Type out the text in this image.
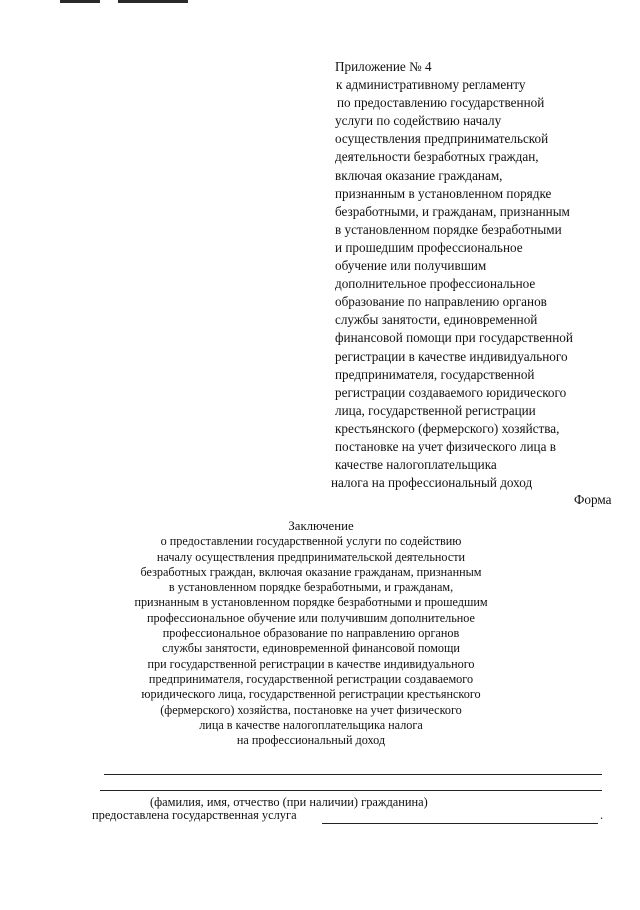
Приложение № 4
к административному регламенту
по предоставлению государственной
услуги по содействию началу
осуществления предпринимательской
деятельности безработных граждан,
включая оказание гражданам,
признанным в установленном порядке
безработными, и гражданам, признанным
в установленном порядке безработными
и прошедшим профессиональное
обучение или получившим
дополнительное профессиональное
образование по направлению органов
службы занятости, единовременной
финансовой помощи при государственной
регистрации в качестве индивидуального
предпринимателя, государственной
регистрации создаваемого юридического
лица, государственной регистрации
крестьянского (фермерского) хозяйства,
постановке на учет физического лица в
качестве налогоплательщика
налога на профессиональный доход
Форма
Заключение
о предоставлении государственной услуги по содействию
началу осуществления предпринимательской деятельности
безработных граждан, включая оказание гражданам, признанным
в установленном порядке безработными, и гражданам,
признанным в установленном порядке безработными и прошедшим
профессиональное обучение или получившим дополнительное
профессиональное образование по направлению органов
службы занятости, единовременной финансовой помощи
при государственной регистрации в качестве индивидуального
предпринимателя, государственной регистрации создаваемого
юридического лица, государственной регистрации крестьянского
(фермерского) хозяйства, постановке на учет физического
лица в качестве налогоплательщика налога
на профессиональный доход
(фамилия, имя, отчество (при наличии) гражданина)
предоставлена государственная услуга	.
